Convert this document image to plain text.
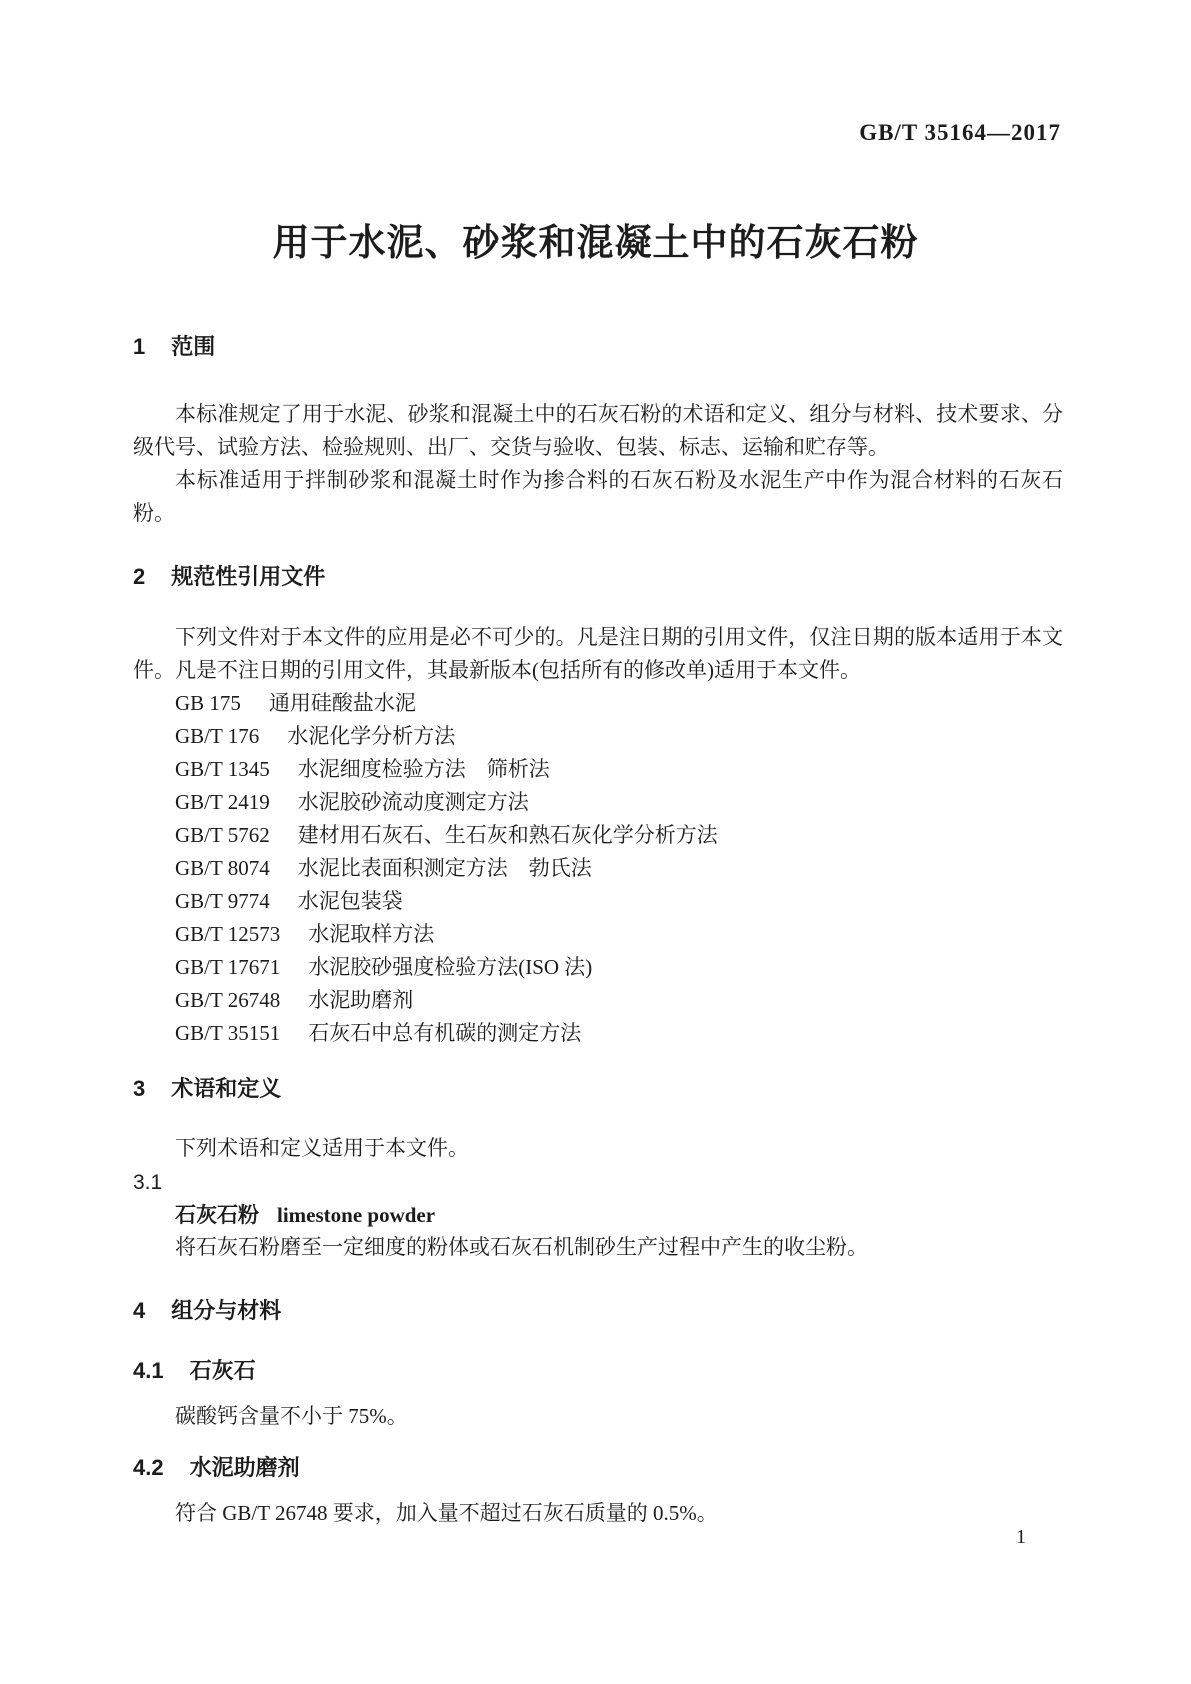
GB/T 35164—2017
用于水泥、砂浆和混凝土中的石灰石粉
1 范围

本标准规定了用于水泥、砂浆和混凝土中的石灰石粉的术语和定义、组分与材料、技术要求、分级代号、试验方法、检验规则、出厂、交货与验收、包装、标志、运输和贮存等。

本标准适用于拌制砂浆和混凝土时作为掺合料的石灰石粉及水泥生产中作为混合材料的石灰石粉。

2 规范性引用文件

下列文件对于本文件的应用是必不可少的。凡是注日期的引用文件，仅注日期的版本适用于本文件。凡是不注日期的引用文件，其最新版本(包括所有的修改单)适用于本文件。

GB 175 通用硅酸盐水泥
GB/T 176 水泥化学分析方法
GB/T 1345 水泥细度检验方法　筛析法
GB/T 2419 水泥胶砂流动度测定方法
GB/T 5762 建材用石灰石、生石灰和熟石灰化学分析方法
GB/T 8074 水泥比表面积测定方法　勃氏法
GB/T 9774 水泥包装袋
GB/T 12573 水泥取样方法
GB/T 17671 水泥胶砂强度检验方法(ISO 法)
GB/T 26748 水泥助磨剂
GB/T 35151 石灰石中总有机碳的测定方法
3 术语和定义
下列术语和定义适用于本文件。
3.1
石灰石粉 limestone powder
将石灰石粉磨至一定细度的粉体或石灰石机制砂生产过程中产生的收尘粉。
4 组分与材料
4.1 石灰石
碳酸钙含量不小于 75%。
4.2 水泥助磨剂
符合 GB/T 26748 要求，加入量不超过石灰石质量的 0.5%。
1
